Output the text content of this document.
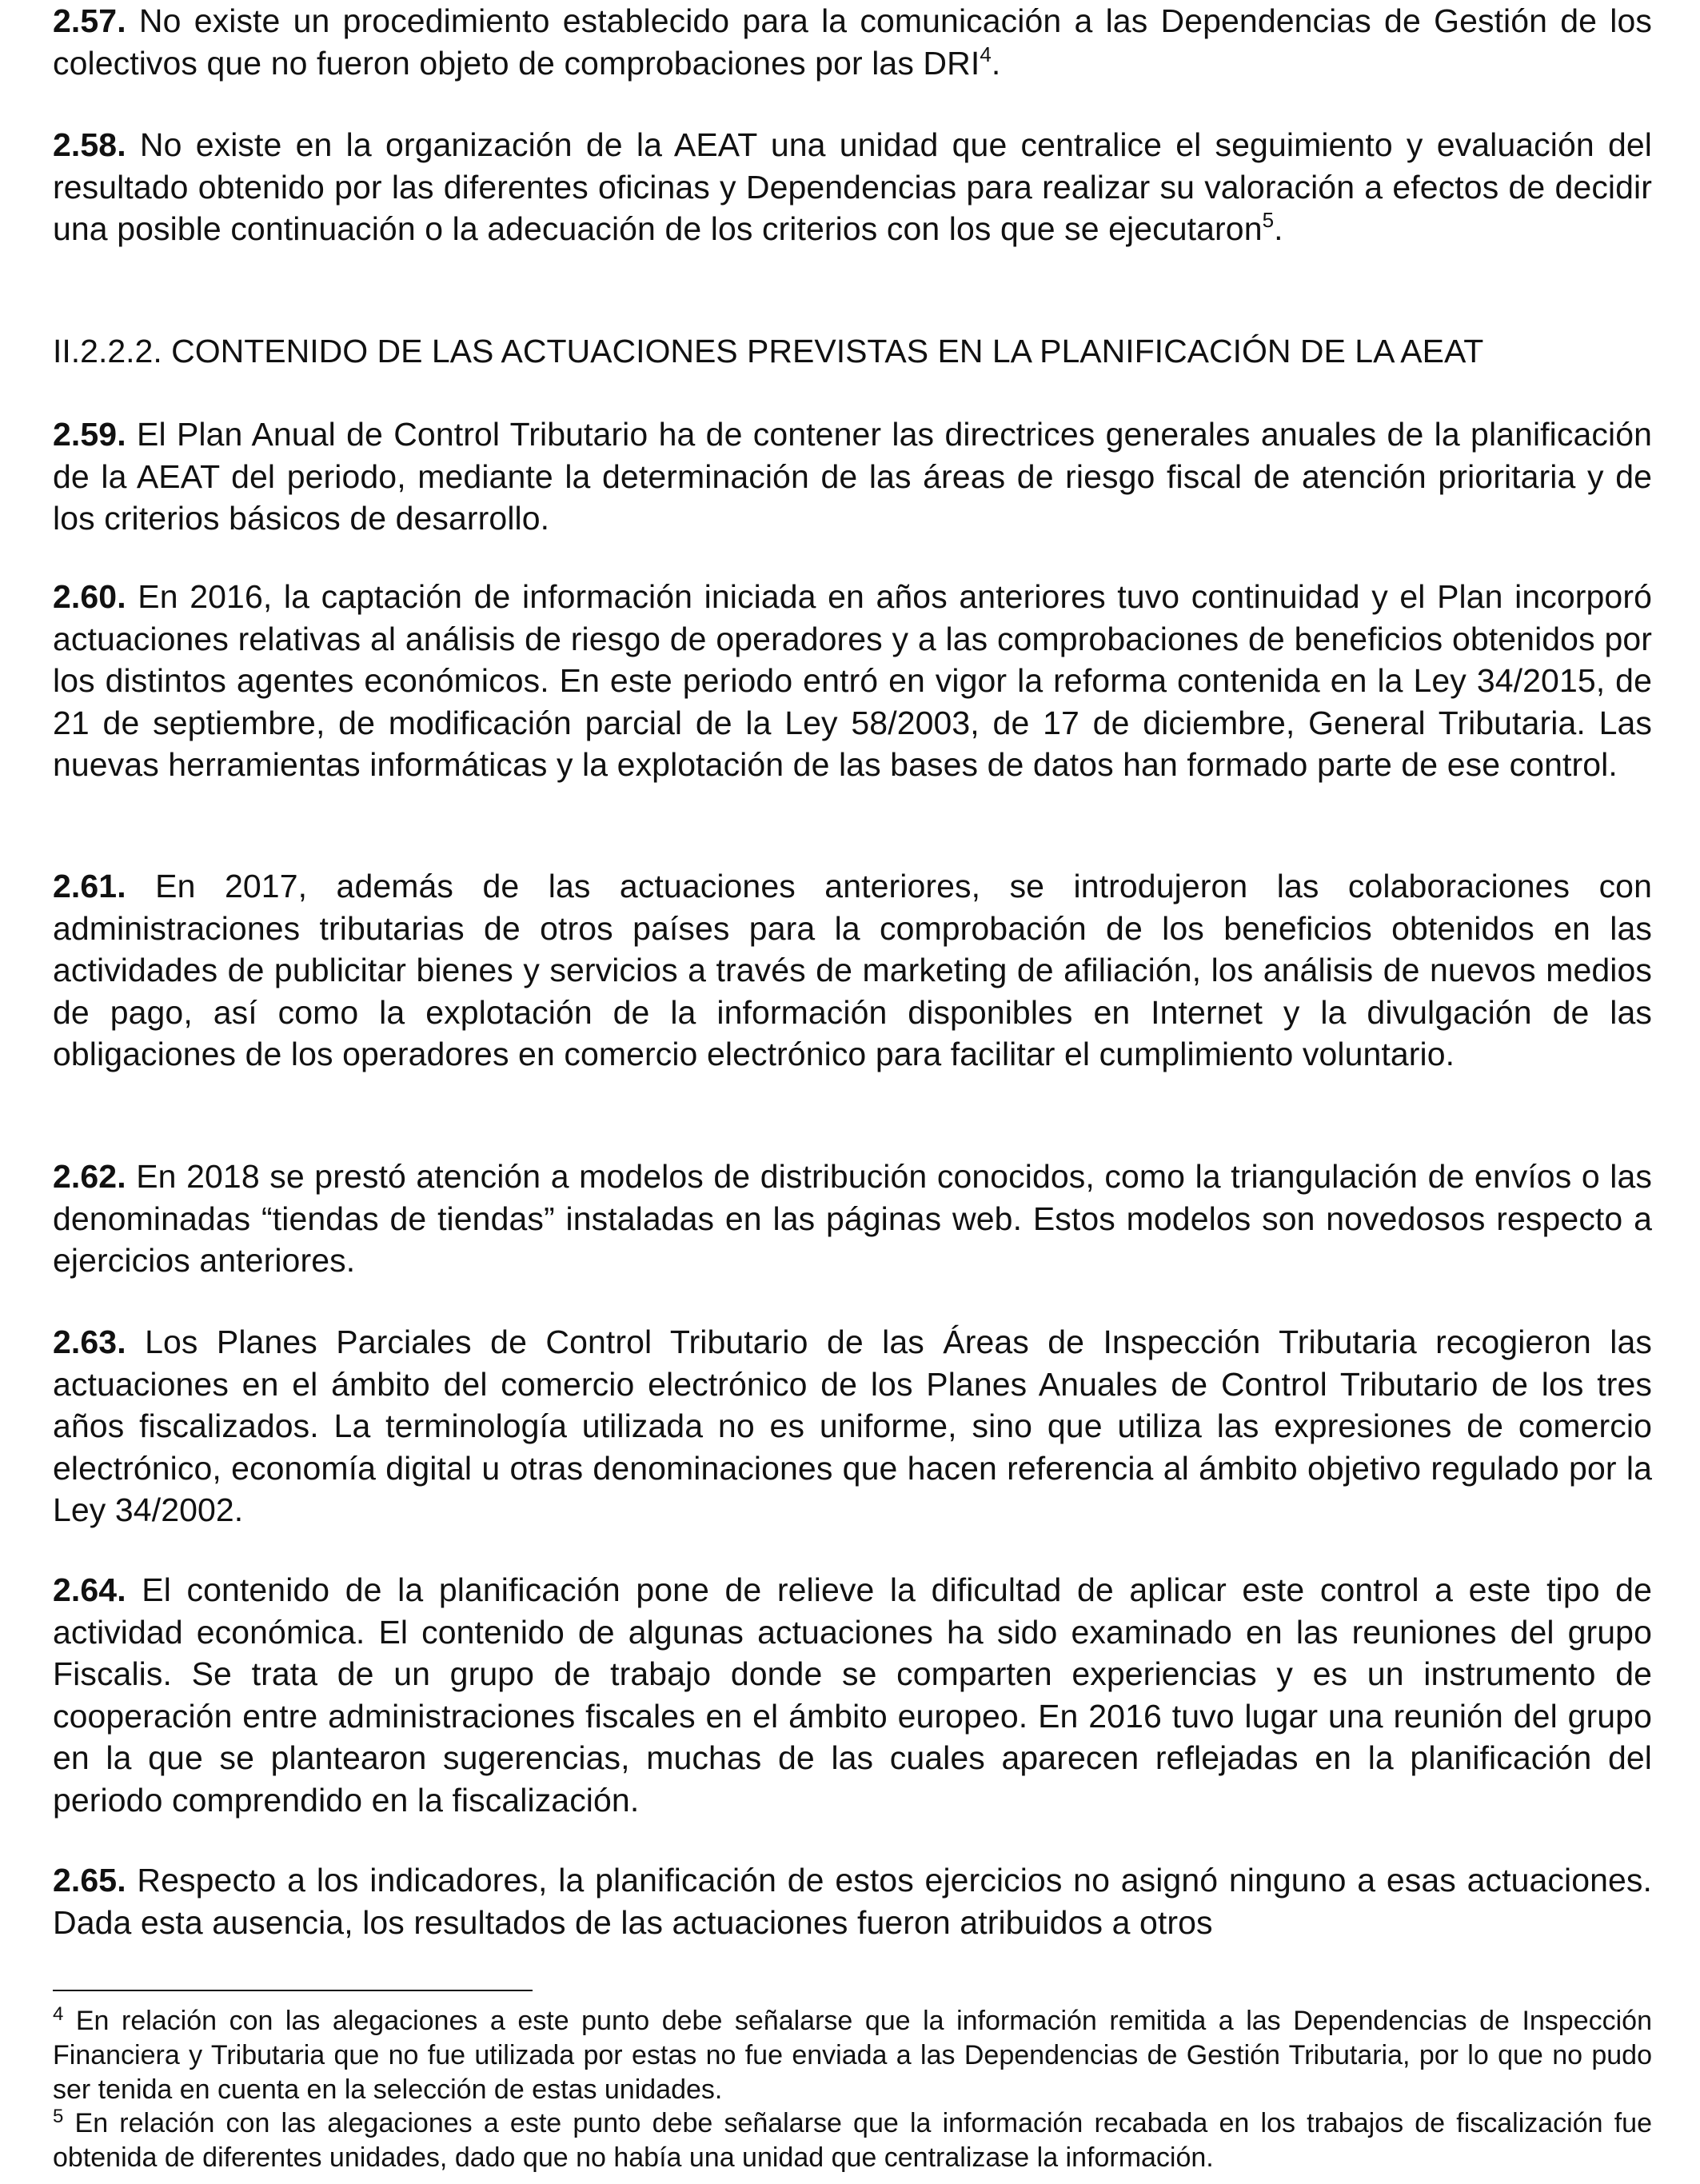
2.57. No existe un procedimiento establecido para la comunicación a las Dependencias de Gestión de los colectivos que no fueron objeto de comprobaciones por las DRI$^4$.

2.58. No existe en la organización de la AEAT una unidad que centralice el seguimiento y evaluación del resultado obtenido por las diferentes oficinas y Dependencias para realizar su valoración a efectos de decidir una posible continuación o la adecuación de los criterios con los que se ejecutaron$^5$.

II.2.2.2. CONTENIDO DE LAS ACTUACIONES PREVISTAS EN LA PLANIFICACIÓN DE LA AEAT

2.59. El Plan Anual de Control Tributario ha de contener las directrices generales anuales de la planificación de la AEAT del periodo, mediante la determinación de las áreas de riesgo fiscal de atención prioritaria y de los criterios básicos de desarrollo.

2.60. En 2016, la captación de información iniciada en años anteriores tuvo continuidad y el Plan incorporó actuaciones relativas al análisis de riesgo de operadores y a las comprobaciones de beneficios obtenidos por los distintos agentes económicos. En este periodo entró en vigor la reforma contenida en la Ley 34/2015, de 21 de septiembre, de modificación parcial de la Ley 58/2003, de 17 de diciembre, General Tributaria. Las nuevas herramientas informáticas y la explotación de las bases de datos han formado parte de ese control.

2.61. En 2017, además de las actuaciones anteriores, se introdujeron las colaboraciones con administraciones tributarias de otros países para la comprobación de los beneficios obtenidos en las actividades de publicitar bienes y servicios a través de marketing de afiliación, los análisis de nuevos medios de pago, así como la explotación de la información disponibles en Internet y la divulgación de las obligaciones de los operadores en comercio electrónico para facilitar el cumplimiento voluntario.

2.62. En 2018 se prestó atención a modelos de distribución conocidos, como la triangulación de envíos o las denominadas “tiendas de tiendas” instaladas en las páginas web. Estos modelos son novedosos respecto a ejercicios anteriores.

2.63. Los Planes Parciales de Control Tributario de las Áreas de Inspección Tributaria recogieron las actuaciones en el ámbito del comercio electrónico de los Planes Anuales de Control Tributario de los tres años fiscalizados. La terminología utilizada no es uniforme, sino que utiliza las expresiones de comercio electrónico, economía digital u otras denominaciones que hacen referencia al ámbito objetivo regulado por la Ley 34/2002.

2.64. El contenido de la planificación pone de relieve la dificultad de aplicar este control a este tipo de actividad económica. El contenido de algunas actuaciones ha sido examinado en las reuniones del grupo Fiscalis. Se trata de un grupo de trabajo donde se comparten experiencias y es un instrumento de cooperación entre administraciones fiscales en el ámbito europeo. En 2016 tuvo lugar una reunión del grupo en la que se plantearon sugerencias, muchas de las cuales aparecen reflejadas en la planificación del periodo comprendido en la fiscalización.

2.65. Respecto a los indicadores, la planificación de estos ejercicios no asignó ninguno a esas actuaciones. Dada esta ausencia, los resultados de las actuaciones fueron atribuidos a otros

$^4$ En relación con las alegaciones a este punto debe señalarse que la información remitida a las Dependencias de Inspección Financiera y Tributaria que no fue utilizada por estas no fue enviada a las Dependencias de Gestión Tributaria, por lo que no pudo ser tenida en cuenta en la selección de estas unidades.

$^5$ En relación con las alegaciones a este punto debe señalarse que la información recabada en los trabajos de fiscalización fue obtenida de diferentes unidades, dado que no había una unidad que centralizase la información.
